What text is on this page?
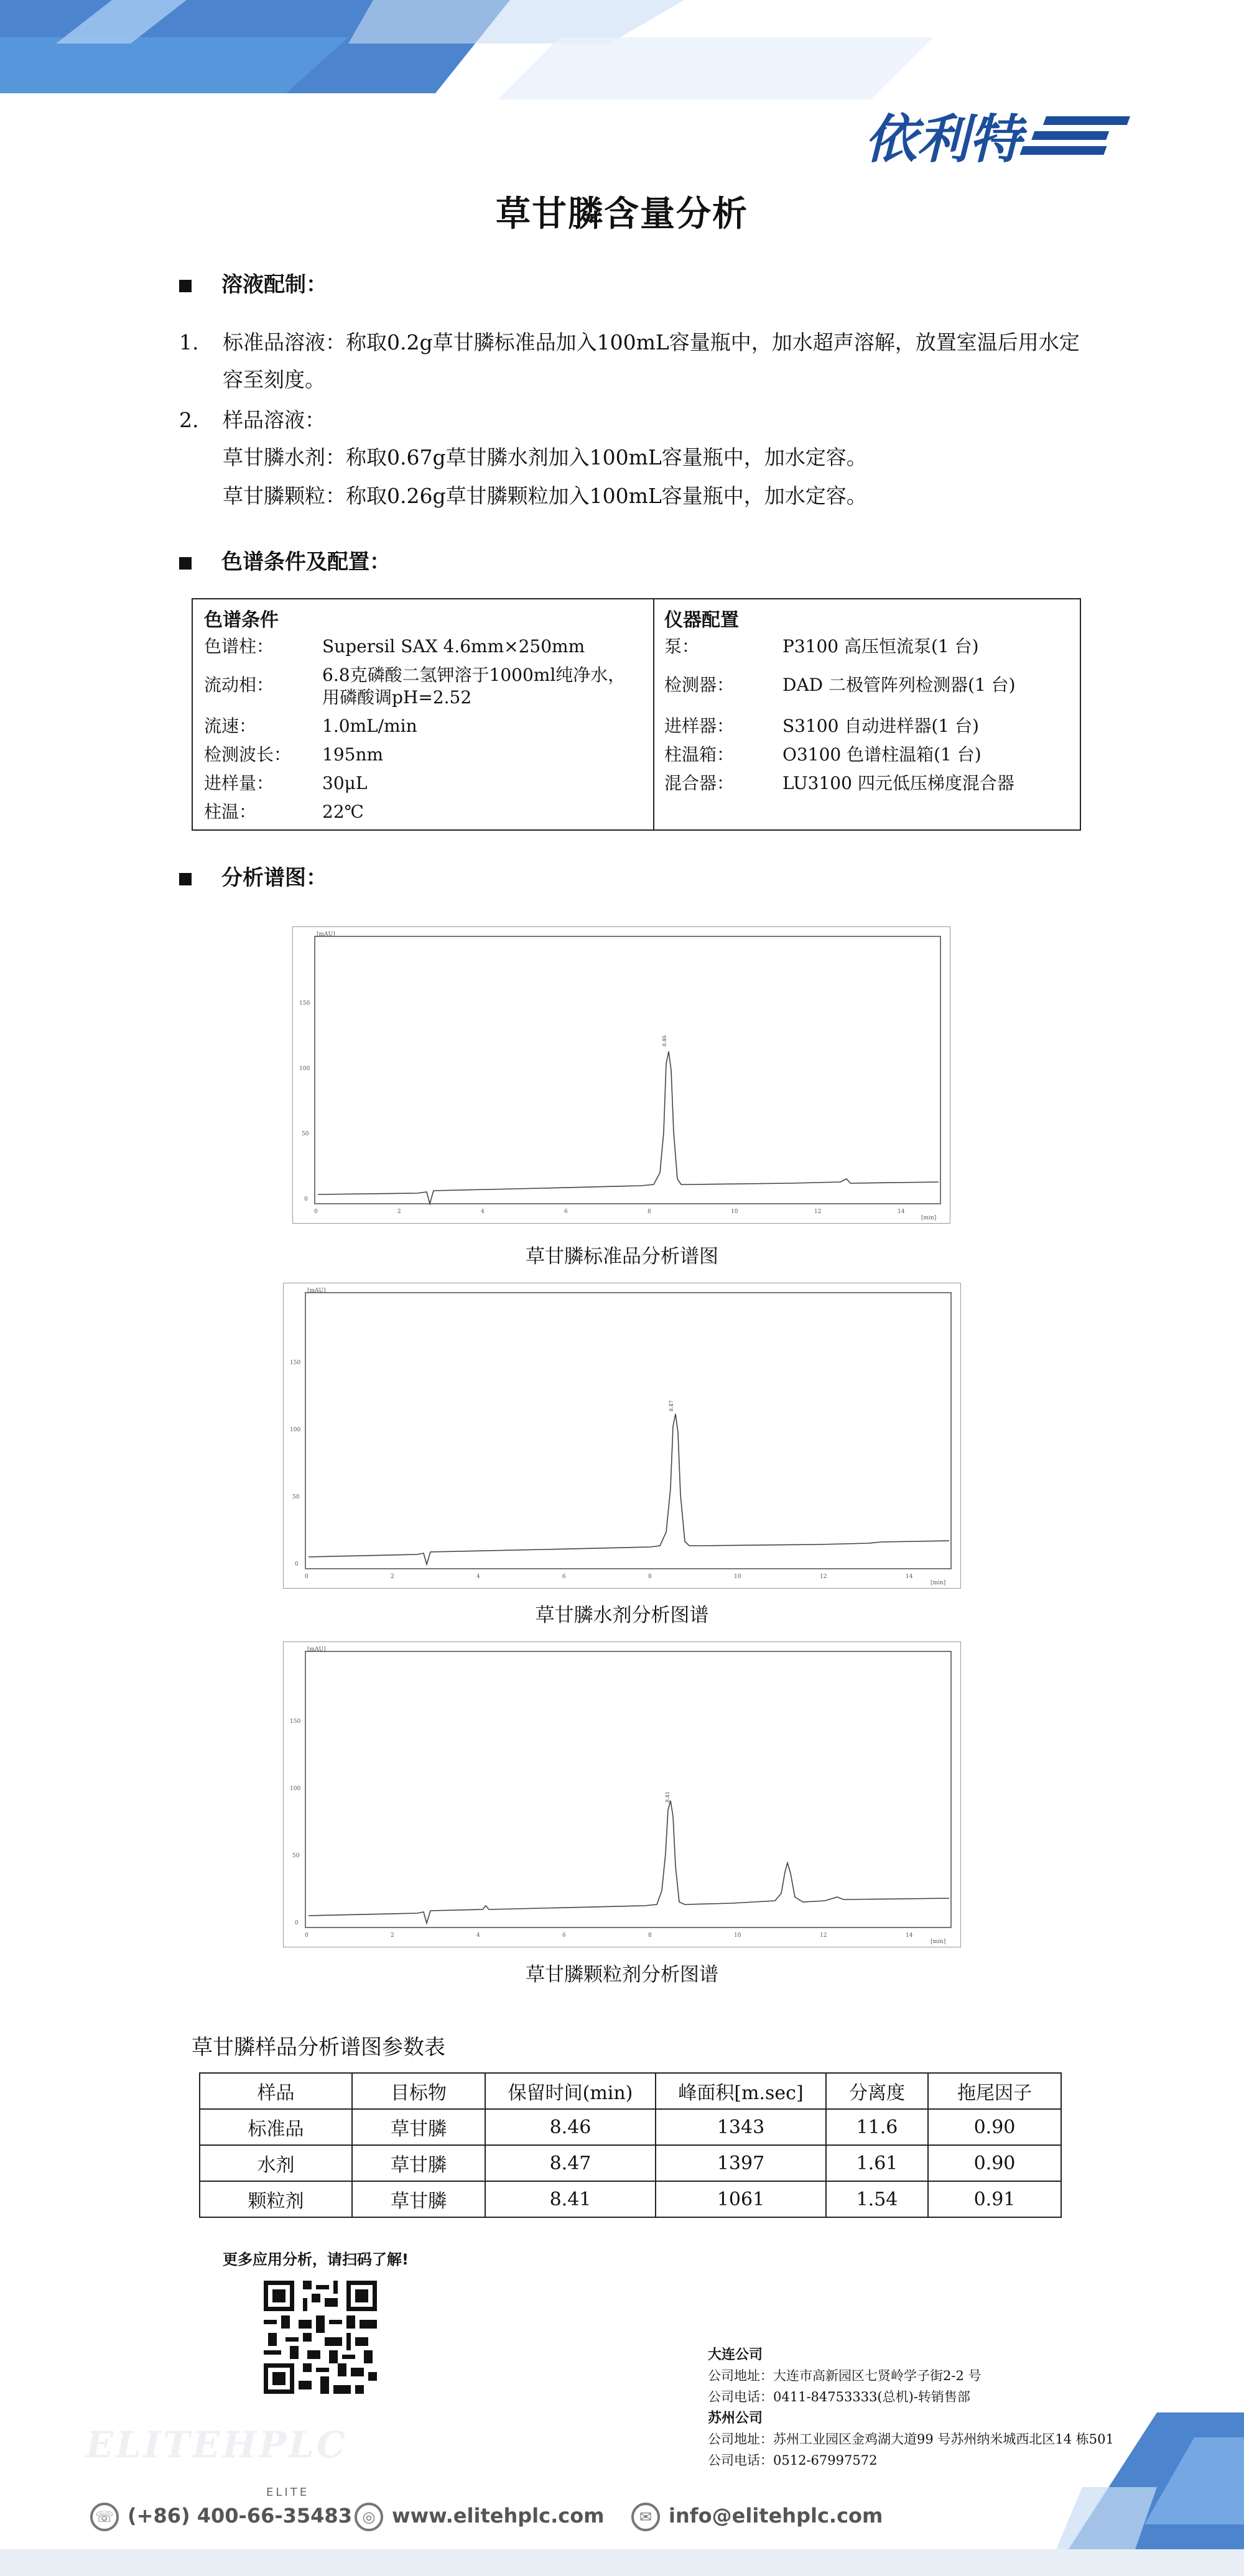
依利特
草甘膦含量分析
溶液配制：
1. 标准品溶液：称取0.2g草甘膦标准品加入100mL容量瓶中，加水超声溶解，放置室温后用水定
容至刻度。
2. 样品溶液：
草甘膦水剂：称取0.67g草甘膦水剂加入100mL容量瓶中，加水定容。
草甘膦颗粒：称取0.26g草甘膦颗粒加入100mL容量瓶中，加水定容。
色谱条件及配置：
色谱条件
色谱柱：	Supersil SAX 4.6mm×250mm
流动相：	6.8克磷酸二氢钾溶于1000ml纯净水，
用磷酸调pH=2.52
流速：	1.0mL/min
检测波长： 195nm
进样量：	30μL
柱温：	22℃
仪器配置
泵：	P3100 高压恒流泵(1 台)
检测器：	DAD 二极管阵列检测器(1 台)
进样器：	S3100 自动进样器(1 台)
柱温箱：	O3100 色谱柱温箱(1 台)
混合器：	LU3100 四元低压梯度混合器
分析谱图：
[mAU]
[min]
0
50
100
150
0	2	4	6	8	10	12	14
8.46
草甘膦标准品分析谱图
[mAU]
[min]
0
50
100
150
0	2	4	6	8	10	12	14
8.47
草甘膦水剂分析图谱
[mAU]
[min]
0
50
100
150
0	2	4	6	8	10	12	14
8.41
草甘膦颗粒剂分析图谱
草甘膦样品分析谱图参数表
样品	目标物	保留时间(min)	峰面积[m.sec]	分离度	拖尾因子
标准品	草甘膦	8.46	1343	11.6	0.90
水剂	草甘膦	8.47	1397	1.61	0.90
颗粒剂	草甘膦	8.41	1061	1.54	0.91
更多应用分析，请扫码了解!
大连公司
公司地址：大连市高新园区七贤岭学子街2-2 号
公司电话：0411-84753333(总机)-转销售部
苏州公司
公司地址：苏州工业园区金鸡湖大道99 号苏州纳米城西北区14 栋501
公司电话：0512-67997572
ELITEHPLC
ELITE
☏ (+86) 400-66-35483 ◎ www.elitehplc.com	✉ info@elitehplc.com
